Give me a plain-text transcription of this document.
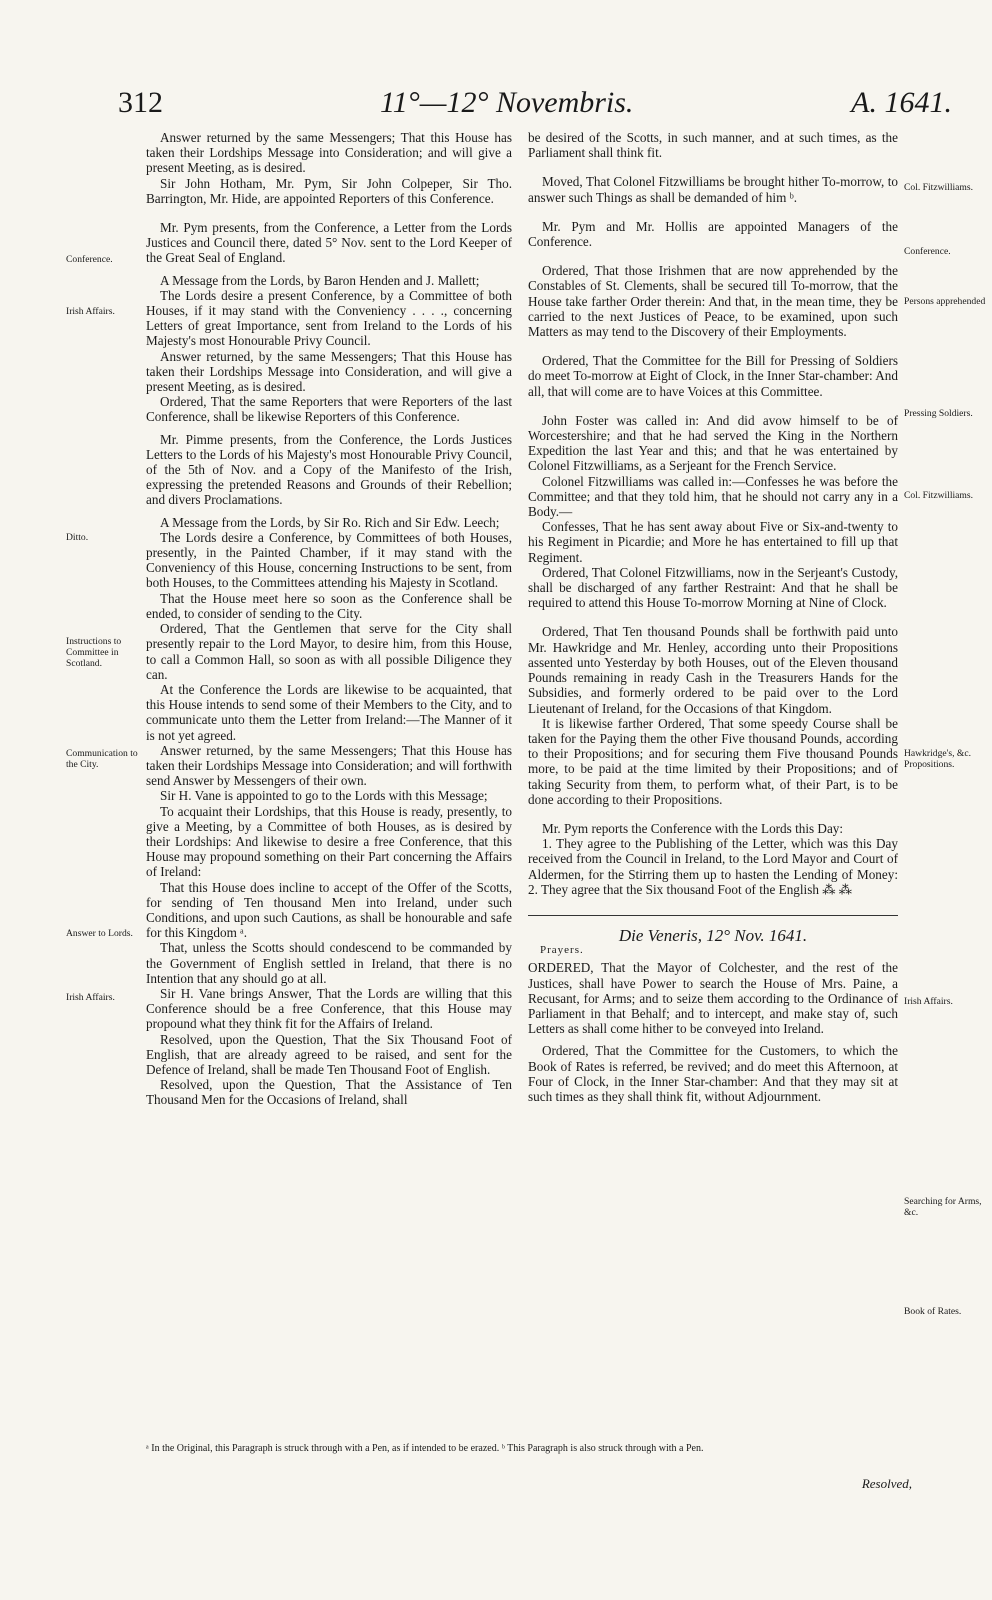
312	11°—12° Novembris.	A. 1641.

Answer returned by the same Messengers; That this House has taken their Lordships Message into Consideration; and will give a present Meeting, as is desired.

Sir John Hotham, Mr. Pym, Sir John Colpeper, Sir Tho. Barrington, Mr. Hide, are appointed Reporters of this Conference.

Mr. Pym presents, from the Conference, a Letter from the Lords Justices and Council there, dated 5° Nov. sent to the Lord Keeper of the Great Seal of England.

A Message from the Lords, by Baron Henden and J. Mallett;

The Lords desire a present Conference, by a Committee of both Houses, if it may stand with the Conveniency . . . ., concerning Letters of great Importance, sent from Ireland to the Lords of his Majesty's most Honourable Privy Council.

Answer returned, by the same Messengers; That this House has taken their Lordships Message into Consideration, and will give a present Meeting, as is desired.

Ordered, That the same Reporters that were Reporters of the last Conference, shall be likewise Reporters of this Conference.

Mr. Pimme presents, from the Conference, the Lords Justices Letters to the Lords of his Majesty's most Honourable Privy Council, of the 5th of Nov. and a Copy of the Manifesto of the Irish, expressing the pretended Reasons and Grounds of their Rebellion; and divers Proclamations.

A Message from the Lords, by Sir Ro. Rich and Sir Edw. Leech;

The Lords desire a Conference, by Committees of both Houses, presently, in the Painted Chamber, if it may stand with the Conveniency of this House, concerning Instructions to be sent, from both Houses, to the Committees attending his Majesty in Scotland.

That the House meet here so soon as the Conference shall be ended, to consider of sending to the City.

Ordered, That the Gentlemen that serve for the City shall presently repair to the Lord Mayor, to desire him, from this House, to call a Common Hall, so soon as with all possible Diligence they can.

At the Conference the Lords are likewise to be acquainted, that this House intends to send some of their Members to the City, and to communicate unto them the Letter from Ireland:—The Manner of it is not yet agreed.

Answer returned, by the same Messengers; That this House has taken their Lordships Message into Consideration; and will forthwith send Answer by Messengers of their own.

Sir H. Vane is appointed to go to the Lords with this Message;

To acquaint their Lordships, that this House is ready, presently, to give a Meeting, by a Committee of both Houses, as is desired by their Lordships: And likewise to desire a free Conference, that this House may propound something on their Part concerning the Affairs of Ireland:

That this House does incline to accept of the Offer of the Scotts, for sending of Ten thousand Men into Ireland, under such Conditions, and upon such Cautions, as shall be honourable and safe for this Kingdom ᵃ.

That, unless the Scotts should condescend to be commanded by the Government of English settled in Ireland, that there is no Intention that any should go at all.

Sir H. Vane brings Answer, That the Lords are willing that this Conference should be a free Conference, that this House may propound what they think fit for the Affairs of Ireland.

Resolved, upon the Question, That the Six Thousand Foot of English, that are already agreed to be raised, and sent for the Defence of Ireland, shall be made Ten Thousand Foot of English.

Resolved, upon the Question, That the Assistance of Ten Thousand Men for the Occasions of Ireland, shall

be desired of the Scotts, in such manner, and at such times, as the Parliament shall think fit.

Moved, That Colonel Fitzwilliams be brought hither To-morrow, to answer such Things as shall be demanded of him ᵇ.

Mr. Pym and Mr. Hollis are appointed Managers of the Conference.

Ordered, That those Irishmen that are now apprehended by the Constables of St. Clements, shall be secured till To-morrow, that the House take farther Order therein: And that, in the mean time, they be carried to the next Justices of Peace, to be examined, upon such Matters as may tend to the Discovery of their Employments.

Ordered, That the Committee for the Bill for Pressing of Soldiers do meet To-morrow at Eight of Clock, in the Inner Star-chamber: And all, that will come are to have Voices at this Committee.

John Foster was called in: And did avow himself to be of Worcestershire; and that he had served the King in the Northern Expedition the last Year and this; and that he was entertained by Colonel Fitzwilliams, as a Serjeant for the French Service.

Colonel Fitzwilliams was called in:—Confesses he was before the Committee; and that they told him, that he should not carry any in a Body.—

Confesses, That he has sent away about Five or Six-and-twenty to his Regiment in Picardie; and More he has entertained to fill up that Regiment.

Ordered, That Colonel Fitzwilliams, now in the Serjeant's Custody, shall be discharged of any farther Restraint: And that he shall be required to attend this House To-morrow Morning at Nine of Clock.

Ordered, That Ten thousand Pounds shall be forthwith paid unto Mr. Hawkridge and Mr. Henley, according unto their Propositions assented unto Yesterday by both Houses, out of the Eleven thousand Pounds remaining in ready Cash in the Treasurers Hands for the Subsidies, and formerly ordered to be paid over to the Lord Lieutenant of Ireland, for the Occasions of that Kingdom.

It is likewise farther Ordered, That some speedy Course shall be taken for the Paying them the other Five thousand Pounds, according to their Propositions; and for securing them Five thousand Pounds more, to be paid at the time limited by their Propositions; and of taking Security from them, to perform what, of their Part, is to be done according to their Propositions.

Mr. Pym reports the Conference with the Lords this Day:

1. They agree to the Publishing of the Letter, which was this Day received from the Council in Ireland, to the Lord Mayor and Court of Aldermen, for the Stirring them up to hasten the Lending of Money: 2. They agree that the Six thousand Foot of the English ⁂ ⁂

Die Veneris, 12° Nov. 1641.

Prayers.

ORDERED, That the Mayor of Colchester, and the rest of the Justices, shall have Power to search the House of Mrs. Paine, a Recusant, for Arms; and to seize them according to the Ordinance of Parliament in that Behalf; and to intercept, and make stay of, such Letters as shall come hither to be conveyed into Ireland.

Ordered, That the Committee for the Customers, to which the Book of Rates is referred, be revived; and do meet this Afternoon, at Four of Clock, in the Inner Star-chamber: And that they may sit at such times as they shall think fit, without Adjournment.

Conference.
Irish Affairs.
Ditto.
Instructions to Committee in Scotland.
Communication to the City.
Answer to Lords.
Irish Affairs.
Col. Fitzwilliams.
Conference.
Persons apprehended
Pressing Soldiers.
Col. Fitzwilliams.
Hawkridge's, &c. Propositions.
Irish Affairs.
Searching for Arms, &c.
Book of Rates.
ᵃ In the Original, this Paragraph is struck through with a Pen, as if intended to be erazed. ᵇ This Paragraph is also struck through with a Pen.
Resolved,
